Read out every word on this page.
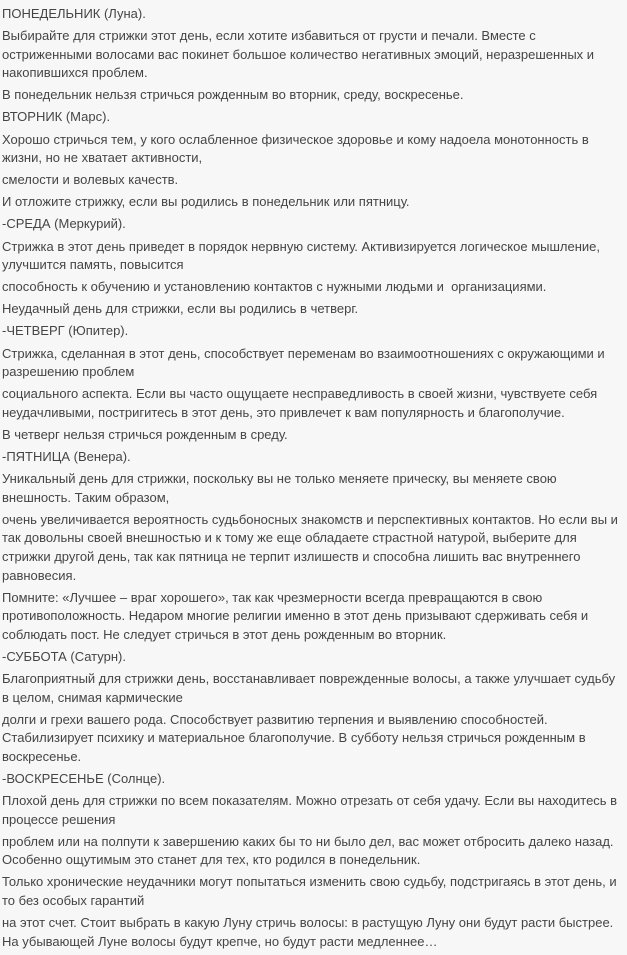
ПОНЕДЕЛЬНИК (Луна).

Выбирайте для стрижки этот день, если хотите избавиться от грусти и печали. Вместе с остриженными волосами вас покинет большое количество негативных эмоций, неразрешенных и накопившихся проблем.

В понедельник нельзя стричься рожденным во вторник, среду, воскресенье.

ВТОРНИК (Марс).

Хорошо стричься тем, у кого ослабленное физическое здоровье и кому надоела монотонность в жизни, но не хватает активности,

смелости и волевых качеств.

И отложите стрижку, если вы родились в понедельник или пятницу.

-СРЕДА (Меркурий).

Стрижка в этот день приведет в порядок нервную систему. Активизируется логическое мышление, улучшится память, повысится

способность к обучению и установлению контактов с нужными людьми и  организациями.

Неудачный день для стрижки, если вы родились в четверг.

-ЧЕТВЕРГ (Юпитер).

Стрижка, сделанная в этот день, способствует переменам во взаимоотношениях с окружающими и разрешению проблем

социального аспекта. Если вы часто ощущаете несправедливость в своей жизни, чувствуете себя неудачливыми, постригитесь в этот день, это привлечет к вам популярность и благополучие.

В четверг нельзя стричься рожденным в среду.

-ПЯТНИЦА (Венера).

Уникальный день для стрижки, поскольку вы не только меняете прическу, вы меняете свою внешность. Таким образом,

очень увеличивается вероятность судьбоносных знакомств и перспективных контактов. Но если вы и так довольны своей внешностью и к тому же еще обладаете страстной натурой, выберите для стрижки другой день, так как пятница не терпит излишеств и способна лишить вас внутреннего равновесия.

Помните: «Лучшее – враг хорошего», так как чрезмерности всегда превращаются в свою противоположность. Недаром многие религии именно в этот день призывают сдерживать себя и соблюдать пост. Не следует стричься в этот день рожденным во вторник.

-СУББОТА (Сатурн).

Благоприятный для стрижки день, восстанавливает поврежденные волосы, а также улучшает судьбу в целом, снимая кармические

долги и грехи вашего рода. Способствует развитию терпения и выявлению способностей. Стабилизирует психику и материальное благополучие. В субботу нельзя стричься рожденным в воскресенье.

-ВОСКРЕСЕНЬЕ (Солнце).

Плохой день для стрижки по всем показателям. Можно отрезать от себя удачу. Если вы находитесь в процессе решения

проблем или на полпути к завершению каких бы то ни было дел, вас может отбросить далеко назад. Особенно ощутимым это станет для тех, кто родился в понедельник.

Только хронические неудачники могут попытаться изменить свою судьбу, подстригаясь в этот день, и то без особых гарантий

на этот счет. Стоит выбрать в какую Луну стричь волосы: в растущую Луну они будут расти быстрее. На убывающей Луне волосы будут крепче, но будут расти медленнее…
